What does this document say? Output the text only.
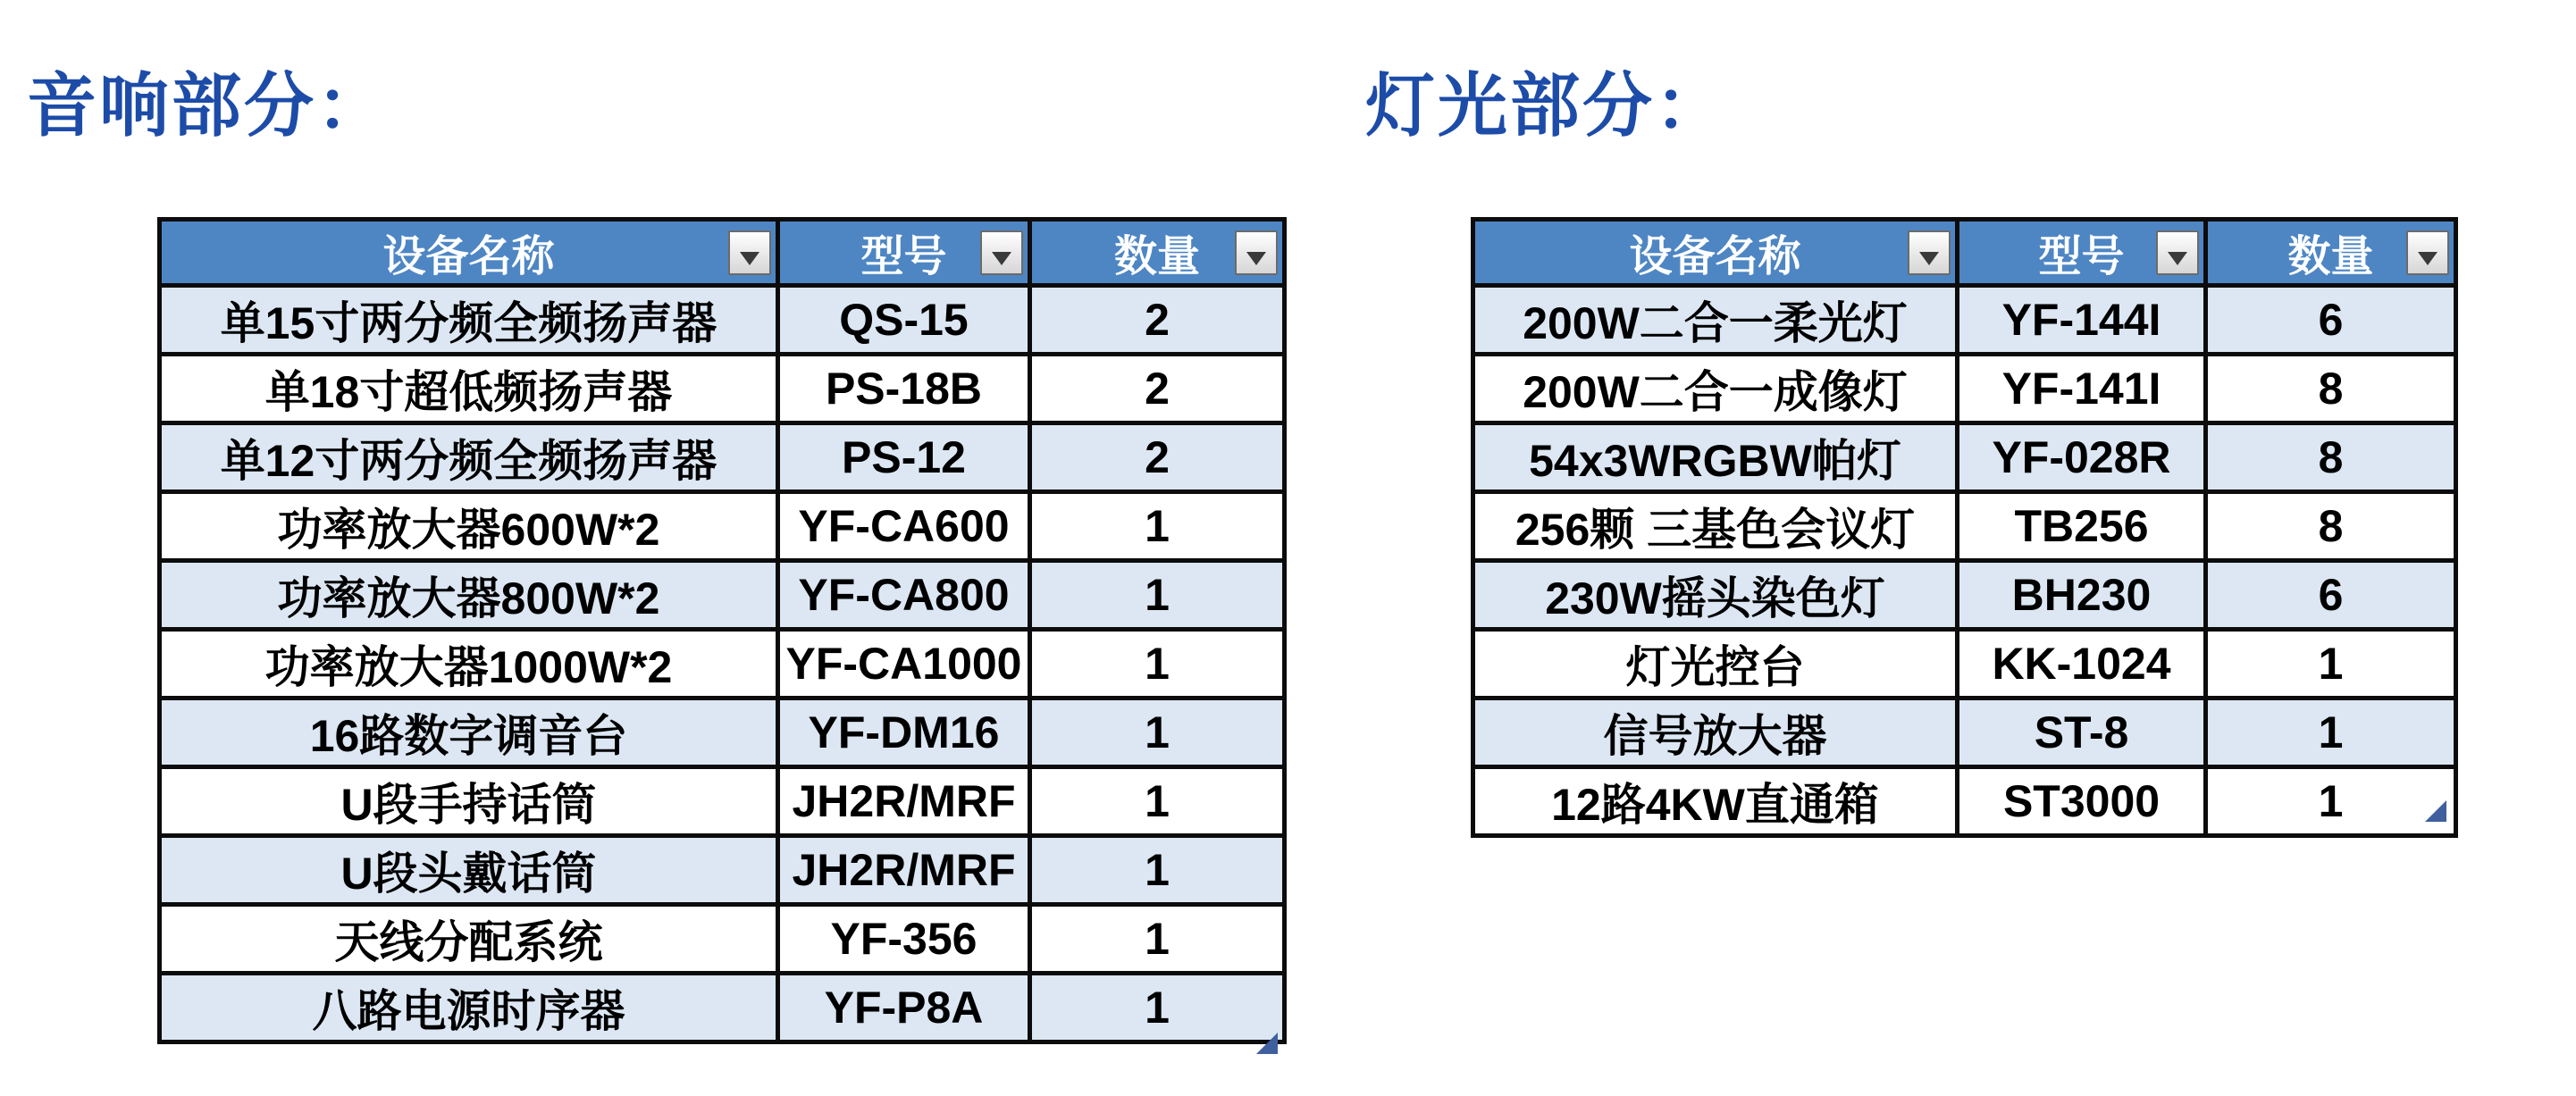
音响部分：	灯光部分：
设备名称	型号	数量

单15寸两分频全频扬声器	QS-15	2
单18寸超低频扬声器	PS-18B	2
单12寸两分频全频扬声器	PS-12	2
功率放大器600W*2	YF-CA600	1
功率放大器800W*2	YF-CA800	1
功率放大器1000W*2	YF-CA1000	1
16路数字调音台	YF-DM16	1
U段手持话筒	JH2R/MRF	1
U段头戴话筒	JH2R/MRF	1
天线分配系统	YF-356	1
八路电源时序器	YF-P8A	1
设备名称	型号	数量

200W二合一柔光灯	YF-144I	6
200W二合一成像灯	YF-141I	8
54x3WRGBW帕灯	YF-028R	8
256颗 三基色会议灯	TB256	8
230W摇头染色灯	BH230	6
灯光控台	KK-1024	1
信号放大器	ST-8	1
12路4KW直通箱	ST3000	1
